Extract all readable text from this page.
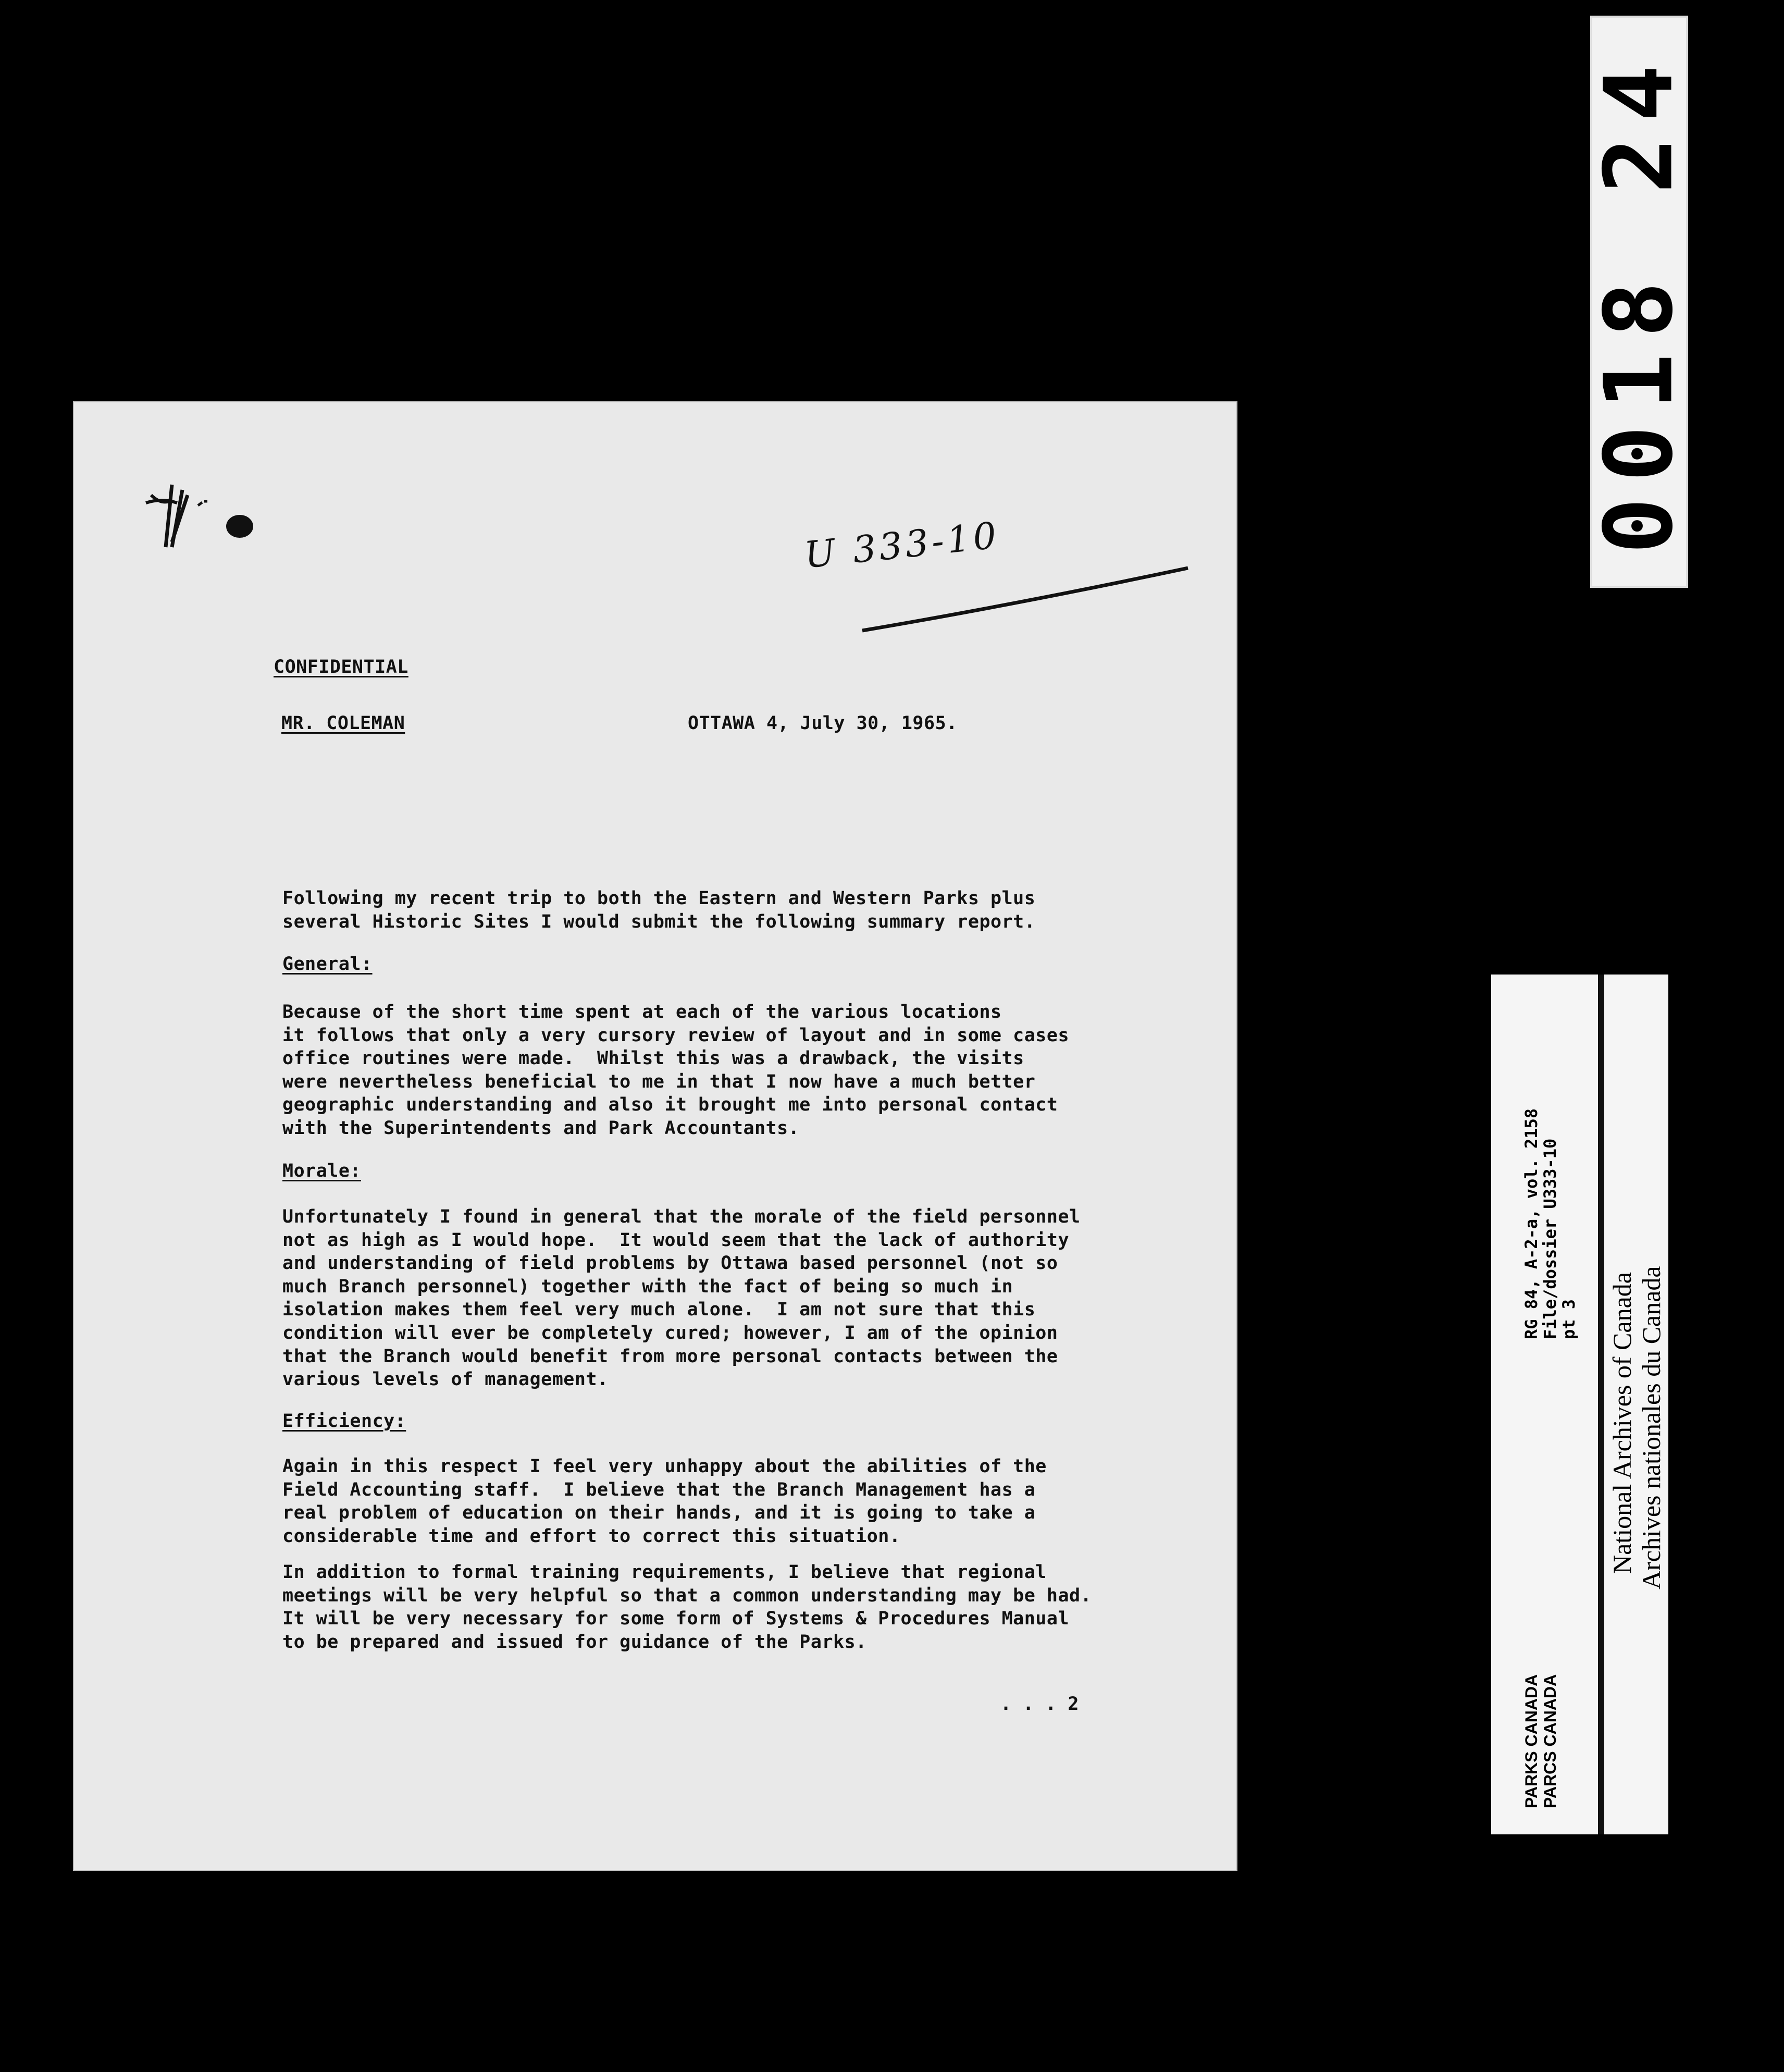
U 333-10
CONFIDENTIAL
MR. COLEMAN	OTTAWA 4, July 30, 1965.
Following my recent trip to both the Eastern and Western Parks plus
several Historic Sites I would submit the following summary report.
General:
Because of the short time spent at each of the various locations
it follows that only a very cursory review of layout and in some cases
office routines were made.  Whilst this was a drawback, the visits
were nevertheless beneficial to me in that I now have a much better
geographic understanding and also it brought me into personal contact
with the Superintendents and Park Accountants.
Morale:
Unfortunately I found in general that the morale of the field personnel
not as high as I would hope.  It would seem that the lack of authority
and understanding of field problems by Ottawa based personnel (not so
much Branch personnel) together with the fact of being so much in
isolation makes them feel very much alone.  I am not sure that this
condition will ever be completely cured; however, I am of the opinion
that the Branch would benefit from more personal contacts between the
various levels of management.
Efficiency:
Again in this respect I feel very unhappy about the abilities of the
Field Accounting staff.  I believe that the Branch Management has a
real problem of education on their hands, and it is going to take a
considerable time and effort to correct this situation.
In addition to formal training requirements, I believe that regional
meetings will be very helpful so that a common understanding may be had.
It will be very necessary for some form of Systems & Procedures Manual
to be prepared and issued for guidance of the Parks.
. . . 2
0018 24
National Archives of Canada Archives nationales du Canada
RG 84, A-2-a, vol. 2158
File/dossier U333-10
pt 3
PARKS CANADA PARCS CANADA
